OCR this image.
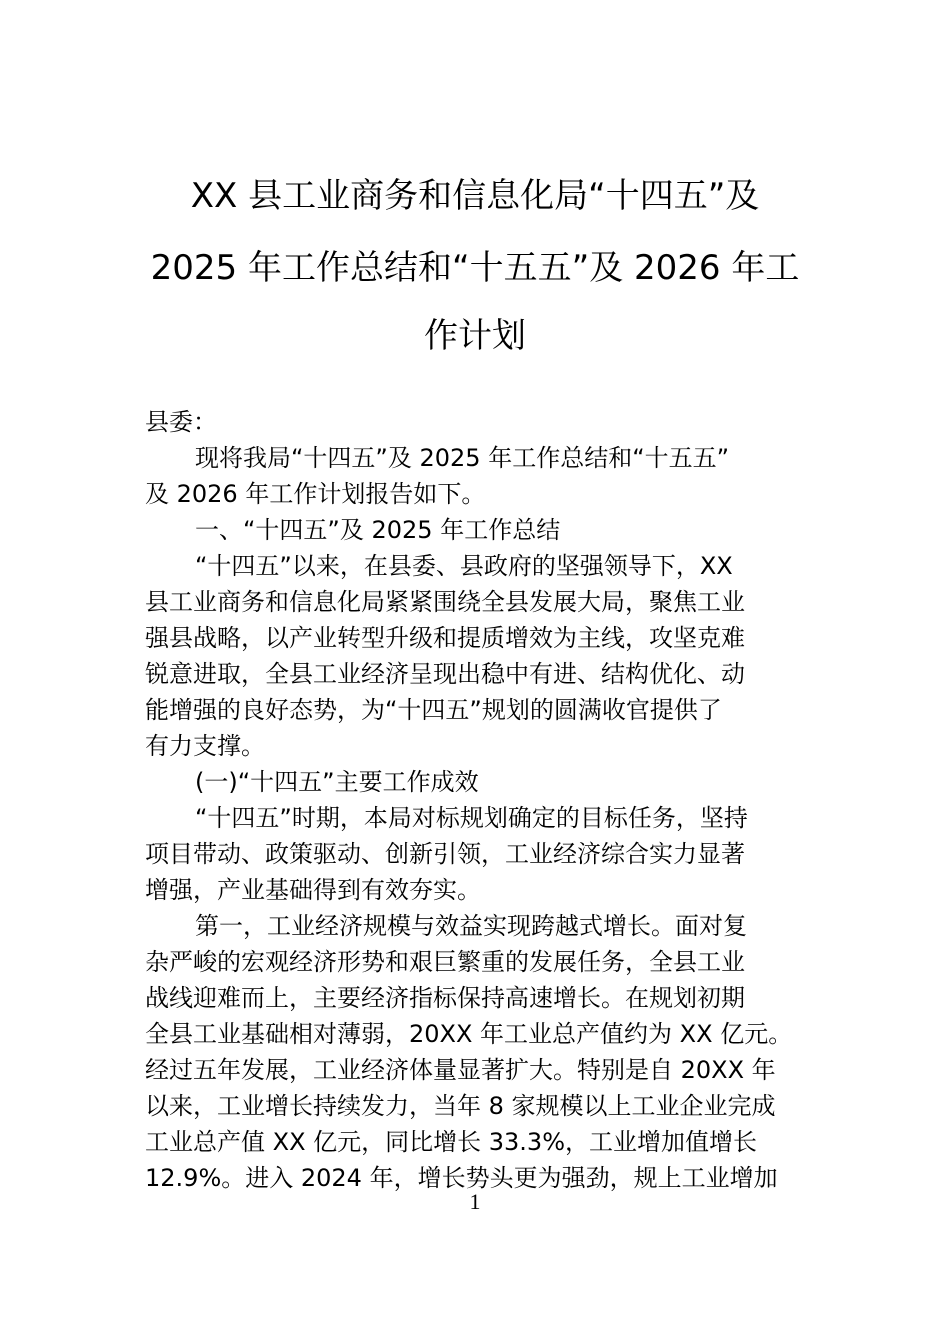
XX 县工业商务和信息化局“十四五”及
2025 年工作总结和“十五五”及 2026 年工
作计划
县委：
现将我局“十四五”及 2025 年工作总结和“十五五”
及 2026 年工作计划报告如下。
一、“十四五”及 2025 年工作总结
“十四五”以来，在县委、县政府的坚强领导下，XX
县工业商务和信息化局紧紧围绕全县发展大局，聚焦工业
强县战略，以产业转型升级和提质增效为主线，攻坚克难
锐意进取，全县工业经济呈现出稳中有进、结构优化、动
能增强的良好态势，为“十四五”规划的圆满收官提供了
有力支撑。
(一)“十四五”主要工作成效
“十四五”时期，本局对标规划确定的目标任务，坚持
项目带动、政策驱动、创新引领，工业经济综合实力显著
增强，产业基础得到有效夯实。
第一，工业经济规模与效益实现跨越式增长。面对复
杂严峻的宏观经济形势和艰巨繁重的发展任务，全县工业
战线迎难而上，主要经济指标保持高速增长。在规划初期
全县工业基础相对薄弱，20XX 年工业总产值约为 XX 亿元。
经过五年发展，工业经济体量显著扩大。特别是自 20XX 年
以来，工业增长持续发力，当年 8 家规模以上工业企业完成
工业总产值 XX 亿元，同比增长 33.3%，工业增加值增长
12.9%。进入 2024 年，增长势头更为强劲，规上工业增加
1
